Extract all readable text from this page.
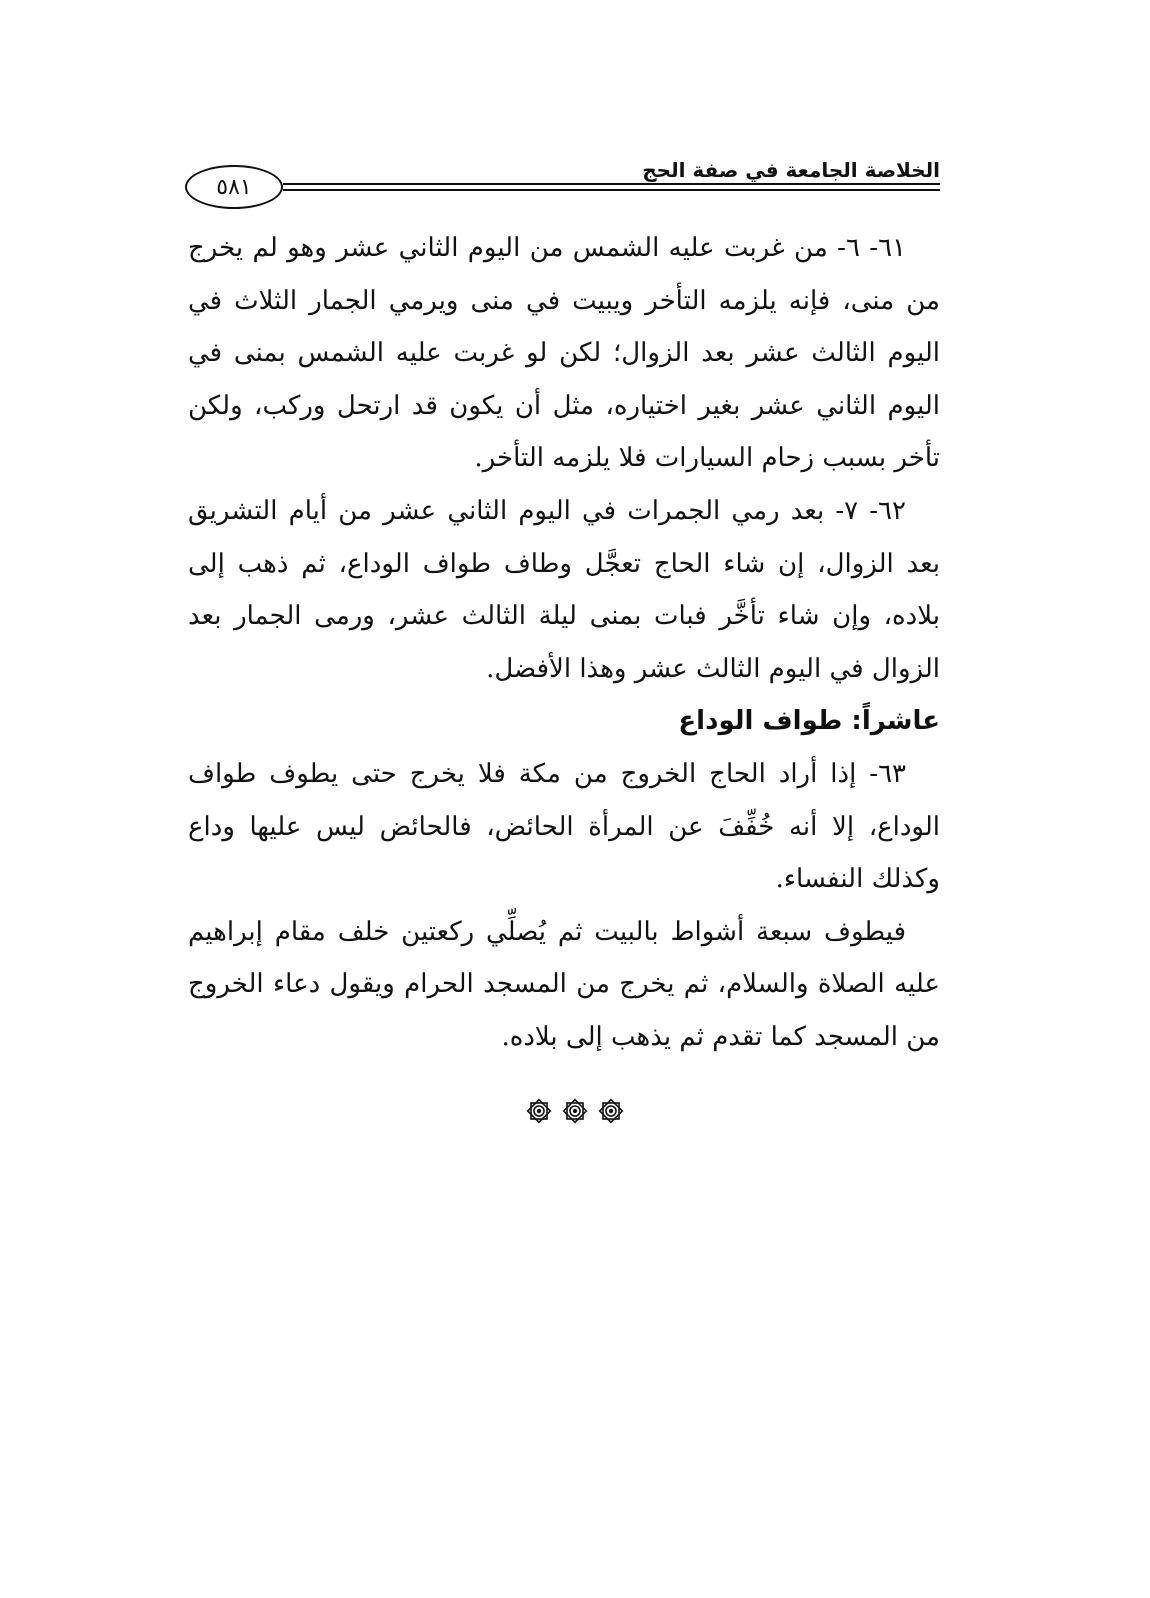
٥٨١
الخلاصة الجامعة في صفة الحج

٦١- ٦- من غربت عليه الشمس من اليوم الثاني عشر وهو لم يخرج من منى، فإنه يلزمه التأخر ويبيت في منى ويرمي الجمار الثلاث في اليوم الثالث عشر بعد الزوال؛ لكن لو غربت عليه الشمس بمنى في اليوم الثاني عشر بغير اختياره، مثل أن يكون قد ارتحل وركب، ولكن تأخر بسبب زحام السيارات فلا يلزمه التأخر.

٦٢- ٧- بعد رمي الجمرات في اليوم الثاني عشر من أيام التشريق بعد الزوال، إن شاء الحاج تعجَّل وطاف طواف الوداع، ثم ذهب إلى بلاده، وإن شاء تأخَّر فبات بمنى ليلة الثالث عشر، ورمى الجمار بعد الزوال في اليوم الثالث عشر وهذا الأفضل.

عاشراً: طواف الوداع

٦٣- إذا أراد الحاج الخروج من مكة فلا يخرج حتى يطوف طواف الوداع، إلا أنه خُفِّفَ عن المرأة الحائض، فالحائض ليس عليها وداع وكذلك النفساء.

فيطوف سبعة أشواط بالبيت ثم يُصلِّي ركعتين خلف مقام إبراهيم عليه الصلاة والسلام، ثم يخرج من المسجد الحرام ويقول دعاء الخروج من المسجد كما تقدم ثم يذهب إلى بلاده.
